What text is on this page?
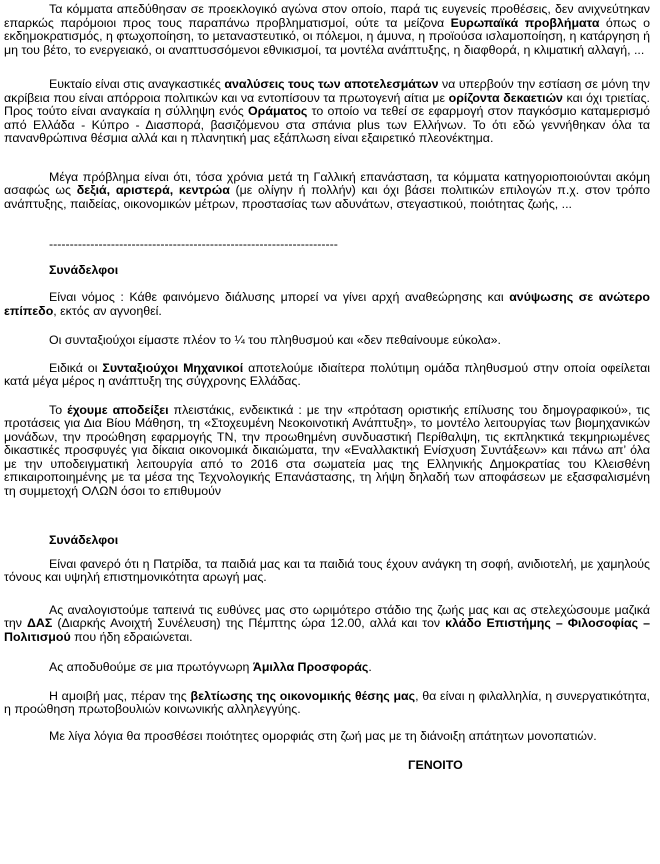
Τα κόμματα απεδύθησαν σε προεκλογικό αγώνα στον οποίο, παρά τις ευγενείς προθέσεις, δεν ανιχνεύτηκαν επαρκώς παρόμοιοι προς τους παραπάνω προβληματισμοί, ούτε τα μείζονα Ευρωπαϊκά προβλήματα όπως ο εκδημοκρατισμός, η φτωχοποίηση, το μεταναστευτικό, οι πόλεμοι, η άμυνα, η προϊούσα ισλαμοποίηση, η κατάργηση ή μη του βέτο, το ενεργειακό, οι αναπτυσσόμενοι εθνικισμοί, τα μοντέλα ανάπτυξης, η διαφθορά, η κλιματική αλλαγή, ...

Ευκταίο είναι στις αναγκαστικές αναλύσεις τους των αποτελεσμάτων να υπερβούν την εστίαση σε μόνη την ακρίβεια που είναι απόρροια πολιτικών και να εντοπίσουν τα πρωτογενή αίτια με ορίζοντα δεκαετιών και όχι τριετίας. Προς τούτο είναι αναγκαία η σύλληψη ενός Οράματος το οποίο να τεθεί σε εφαρμογή στον παγκόσμιο καταμερισμό από Ελλάδα - Κύπρο - Διασπορά, βασιζόμενου στα σπάνια plus των Ελλήνων. Το ότι εδώ γεννήθηκαν όλα τα πανανθρώπινα θέσμια αλλά και η πλανητική μας εξάπλωση είναι εξαιρετικό πλεονέκτημα.

Μέγα πρόβλημα είναι ότι, τόσα χρόνια μετά τη Γαλλική επανάσταση, τα κόμματα κατηγοριοποιούνται ακόμη ασαφώς ως δεξιά, αριστερά, κεντρώα (με ολίγην ή πολλήν) και όχι βάσει πολιτικών επιλογών π.χ. στον τρόπο ανάπτυξης, παιδείας, οικονομικών μέτρων, προστασίας των αδυνάτων, στεγαστικού, ποιότητας ζωής, ...

----------------------------------------------------------------------
Συνάδελφοι

Είναι νόμος : Κάθε φαινόμενο διάλυσης μπορεί να γίνει αρχή αναθεώρησης και ανύψωσης σε ανώτερο επίπεδο, εκτός αν αγνοηθεί.

Οι συνταξιούχοι είμαστε πλέον το ¼ του πληθυσμού και «δεν πεθαίνουμε εύκολα».

Ειδικά οι Συνταξιούχοι Μηχανικοί αποτελούμε ιδιαίτερα πολύτιμη ομάδα πληθυσμού στην οποία οφείλεται κατά μέγα μέρος η ανάπτυξη της σύγχρονης Ελλάδας.

Το έχουμε αποδείξει πλειστάκις, ενδεικτικά : με την «πρόταση οριστικής επίλυσης του δημογραφικού», τις προτάσεις για Δια Βίου Μάθηση, τη «Στοχευμένη Νεοκοινοτική Ανάπτυξη», το μοντέλο λειτουργίας των βιομηχανικών μονάδων, την προώθηση εφαρμογής ΤΝ, την προωθημένη συνδυαστική Περίθαλψη, τις εκπληκτικά τεκμηριωμένες δικαστικές προσφυγές για δίκαια οικονομικά δικαιώματα, την «Εναλλακτική Ενίσχυση Συντάξεων» και πάνω απ’ όλα με την υποδειγματική λειτουργία από το 2016 στα σωματεία μας της Ελληνικής Δημοκρατίας του Κλεισθένη επικαιροποιημένης με τα μέσα της Τεχνολογικής Επανάστασης, τη λήψη δηλαδή των αποφάσεων με εξασφαλισμένη τη συμμετοχή ΟΛΩΝ όσοι το επιθυμούν

Συνάδελφοι

Είναι φανερό ότι η Πατρίδα, τα παιδιά μας και τα παιδιά τους έχουν ανάγκη τη σοφή, ανιδιοτελή, με χαμηλούς τόνους και υψηλή επιστημονικότητα αρωγή μας.

Ας αναλογιστούμε ταπεινά τις ευθύνες μας στο ωριμότερο στάδιο της ζωής μας και ας στελεχώσουμε μαζικά την ΔΑΣ (Διαρκής Ανοιχτή Συνέλευση) της Πέμπτης ώρα 12.00, αλλά και τον κλάδο Επιστήμης – Φιλοσοφίας – Πολιτισμού που ήδη εδραιώνεται.

Ας αποδυθούμε σε μια πρωτόγνωρη Άμιλλα Προσφοράς.

Η αμοιβή μας, πέραν της βελτίωσης της οικονομικής θέσης μας, θα είναι η φιλαλληλία, η συνεργατικότητα, η προώθηση πρωτοβουλιών κοινωνικής αλληλεγγύης.

Με λίγα λόγια θα προσθέσει ποιότητες ομορφιάς στη ζωή μας με τη διάνοιξη απάτητων μονοπατιών.

ΓΕΝΟΙΤΟ
